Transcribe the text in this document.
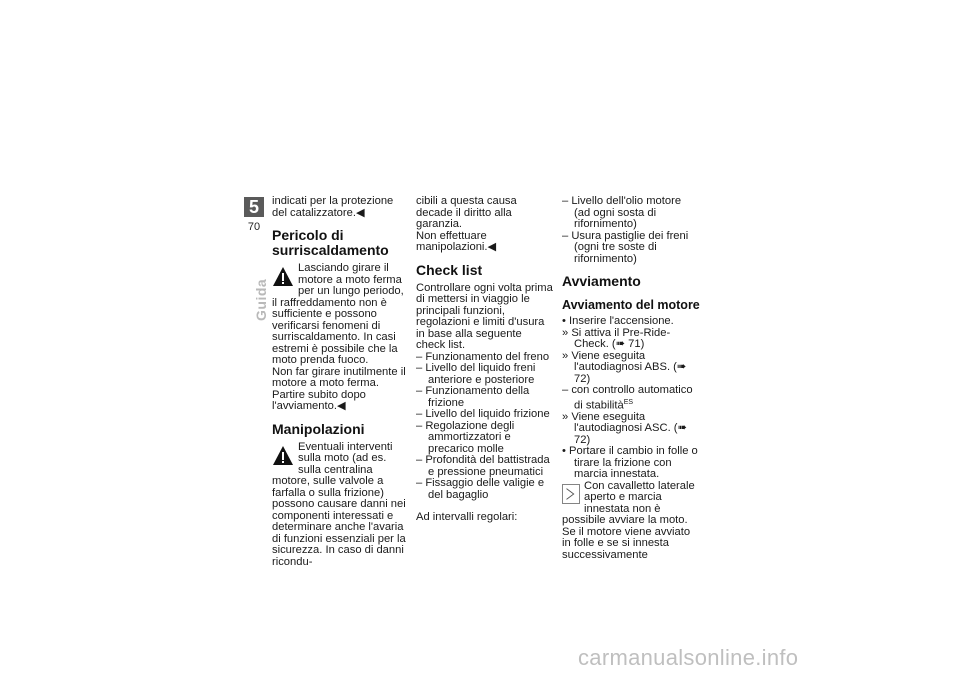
5
70
Guida

indicati per la protezione del catalizzatore.◀

Pericolo di surriscaldamento

Lasciando girare il motore a moto ferma per un lungo periodo, il raffreddamento non è sufficiente e possono verificarsi fenomeni di surriscaldamento. In casi estremi è possibile che la moto prenda fuoco.

Non far girare inutilmente il motore a moto ferma. Partire subito dopo l'avviamento.◀

Manipolazioni

Eventuali interventi sulla moto (ad es. sulla centralina motore, sulle valvole a farfalla o sulla frizione) possono causare danni nei componenti interessati e determinare anche l'avaria di funzioni essenziali per la sicurezza. In caso di danni ricondu-

cibili a questa causa decade il diritto alla garanzia.

Non effettuare manipolazioni.◀

Check list

Controllare ogni volta prima di mettersi in viaggio le principali funzioni, regolazioni e limiti d'usura in base alla seguente check list.

– Funzionamento del freno

– Livello del liquido freni anteriore e posteriore

– Funzionamento della frizione

– Livello del liquido frizione

– Regolazione degli ammortizzatori e precarico molle

– Profondità del battistrada e pressione pneumatici

– Fissaggio delle valigie e del bagaglio

Ad intervalli regolari:

– Livello dell'olio motore (ad ogni sosta di rifornimento)

– Usura pastiglie dei freni (ogni tre soste di rifornimento)

Avviamento
Avviamento del motore

• Inserire l'accensione.

» Si attiva il Pre-Ride-Check. (➠ 71)

» Viene eseguita l'autodiagnosi ABS. (➠ 72)

– con controllo automatico di stabilità$^{ES}$

» Viene eseguita l'autodiagnosi ASC. (➠ 72)

• Portare il cambio in folle o tirare la frizione con marcia innestata.

Con cavalletto laterale aperto e marcia innestata non è possibile avviare la moto. Se il motore viene avviato in folle e se si innesta successivamente

carmanualsonline.info
